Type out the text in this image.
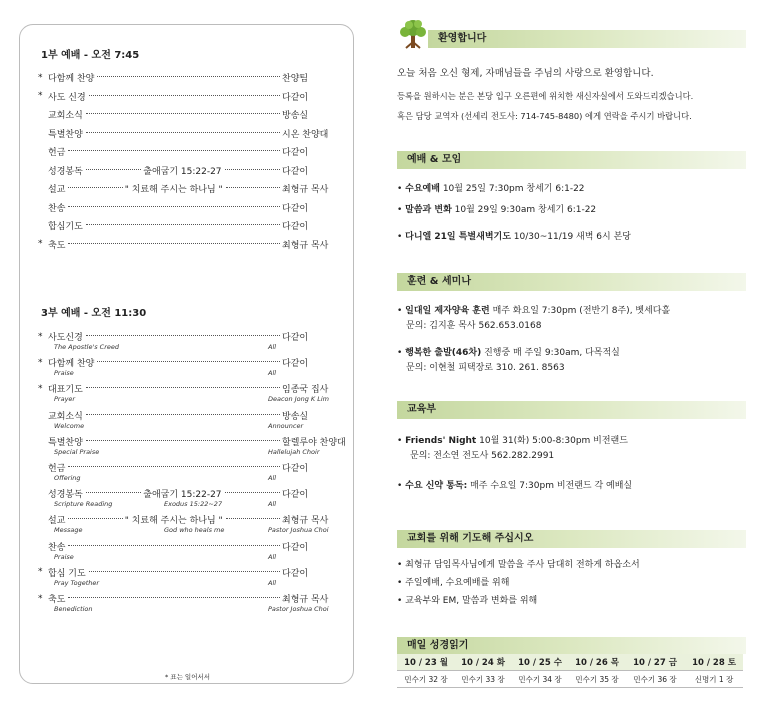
1부 예배 - 오전 7:45
* 다함께 찬양	찬양팀
* 사도 신경	다같이
교회소식	방송실
특별찬양	시온 찬양대
헌금	다같이
성경봉독	출애굽기 15:22-27	다같이
설교	" 치료해 주시는 하나님 "	최형규 목사
찬송	다같이
합심기도	다같이
* 축도	최형규 목사
3부 예배 - 오전 11:30
* 사도신경	다같이
The Apostle's Creed	All
* 다함께 찬양	다같이
Praise	All
* 대표기도	임종국 집사
Prayer	Deacon Jong K Lim
교회소식	방송실
Welcome	Announcer
특별찬양	할렐루야 찬양대
Special Praise	Hallelujah Choir
헌금	다같이
Offering	All
성경봉독	출애굽기 15:22-27	다같이
Scripture Reading	Exodus 15:22~27	All
설교	" 치료해 주시는 하나님 "	최형규 목사
Message	God who heals me	Pastor Joshua Choi
찬송	다같이
Praise	All
* 합심 기도	다같이
Pray Together	All
* 축도	최형규 목사
Benediction	Pastor Joshua Choi
* 표는 일어서서
환영합니다
오늘 처음 오신 형제, 자매님들을 주님의 사랑으로 환영합니다.
등록을 원하시는 분은 본당 입구 오른편에 위치한 새신자실에서 도와드리겠습니다.
혹은 담당 교역자 (선세리 전도사: 714-745-8480) 에게 연락을 주시기 바랍니다.
예배 & 모임
• 수요예배 10월 25일 7:30pm 창세기 6:1-22
• 말씀과 변화 10월 29일 9:30am 창세기 6:1-22
• 다니엘 21일 특별새벽기도 10/30~11/19 새벽 6시 본당
훈련 & 세미나
• 일대일 제자양육 훈련 매주 화요일 7:30pm (전반기 8주), 벳세다홀
문의: 김지훈 목사 562.653.0168
• 행복한 출발(46차) 진행중 매 주일 9:30am, 다목적실
문의: 이현철 피택장로 310. 261. 8563
교육부
• Friends' Night 10월 31(화) 5:00-8:30pm 비전랜드
문의: 전소연 전도사 562.282.2991
• 수요 신약 통독: 매주 수요일 7:30pm 비전랜드 각 예배실
교회를 위해 기도해 주십시오
• 최형규 담임목사님에게 말씀을 주사 담대히 전하게 하옵소서
• 주일예배, 수요예배를 위해
• 교육부와 EM, 말씀과 변화를 위해
매일 성경읽기
10 / 23 월	10 / 24 화	10 / 25 수	10 / 26 목	10 / 27 금	10 / 28 토
민수기 32 장	민수기 33 장	민수기 34 장	민수기 35 장	민수기 36 장	신명기 1 장
